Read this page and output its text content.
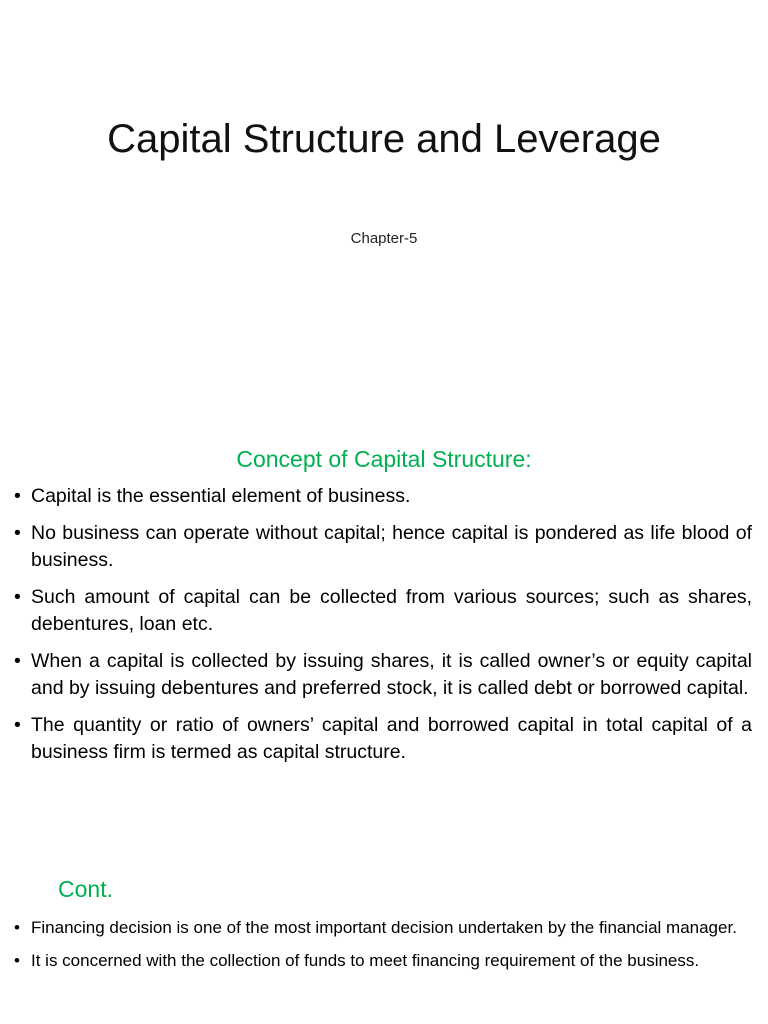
Capital Structure and Leverage
Chapter-5
Concept of Capital Structure:
• Capital is the essential element of business.
• No business can operate without capital; hence capital is pondered as life blood of business.
• Such amount of capital can be collected from various sources; such as shares, debentures, loan etc.
• When a capital is collected by issuing shares, it is called owner’s or equity capital and by issuing debentures and preferred stock, it is called debt or borrowed capital.
• The quantity or ratio of owners’ capital and borrowed capital in total capital of a business firm is termed as capital structure.
Cont.
• Financing decision is one of the most important decision undertaken by the financial manager.
• It is concerned with the collection of funds to meet financing requirement of the business.
